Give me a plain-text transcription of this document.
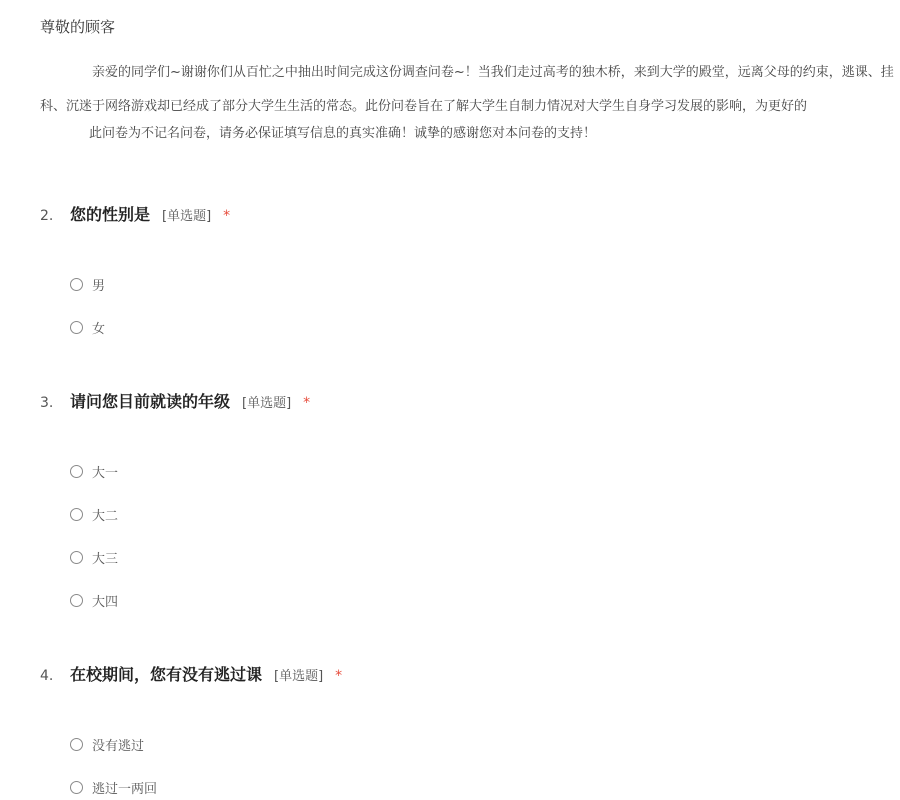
尊敬的顾客

亲爱的同学们~谢谢你们从百忙之中抽出时间完成这份调查问卷~！当我们走过高考的独木桥，来到大学的殿堂，远离父母的约束，逃课、挂科、沉迷于网络游戏却已经成了部分大学生生活的常态。此份问卷旨在了解大学生自制力情况对大学生自身学习发展的影响，为更好的

此问卷为不记名问卷，请务必保证填写信息的真实准确！诚挚的感谢您对本问卷的支持！

2. 您的性别是 [单选题] *
男
女
3. 请问您目前就读的年级 [单选题] *
大一
大二
大三
大四
4. 在校期间，您有没有逃过课 [单选题] *
没有逃过
逃过一两回
